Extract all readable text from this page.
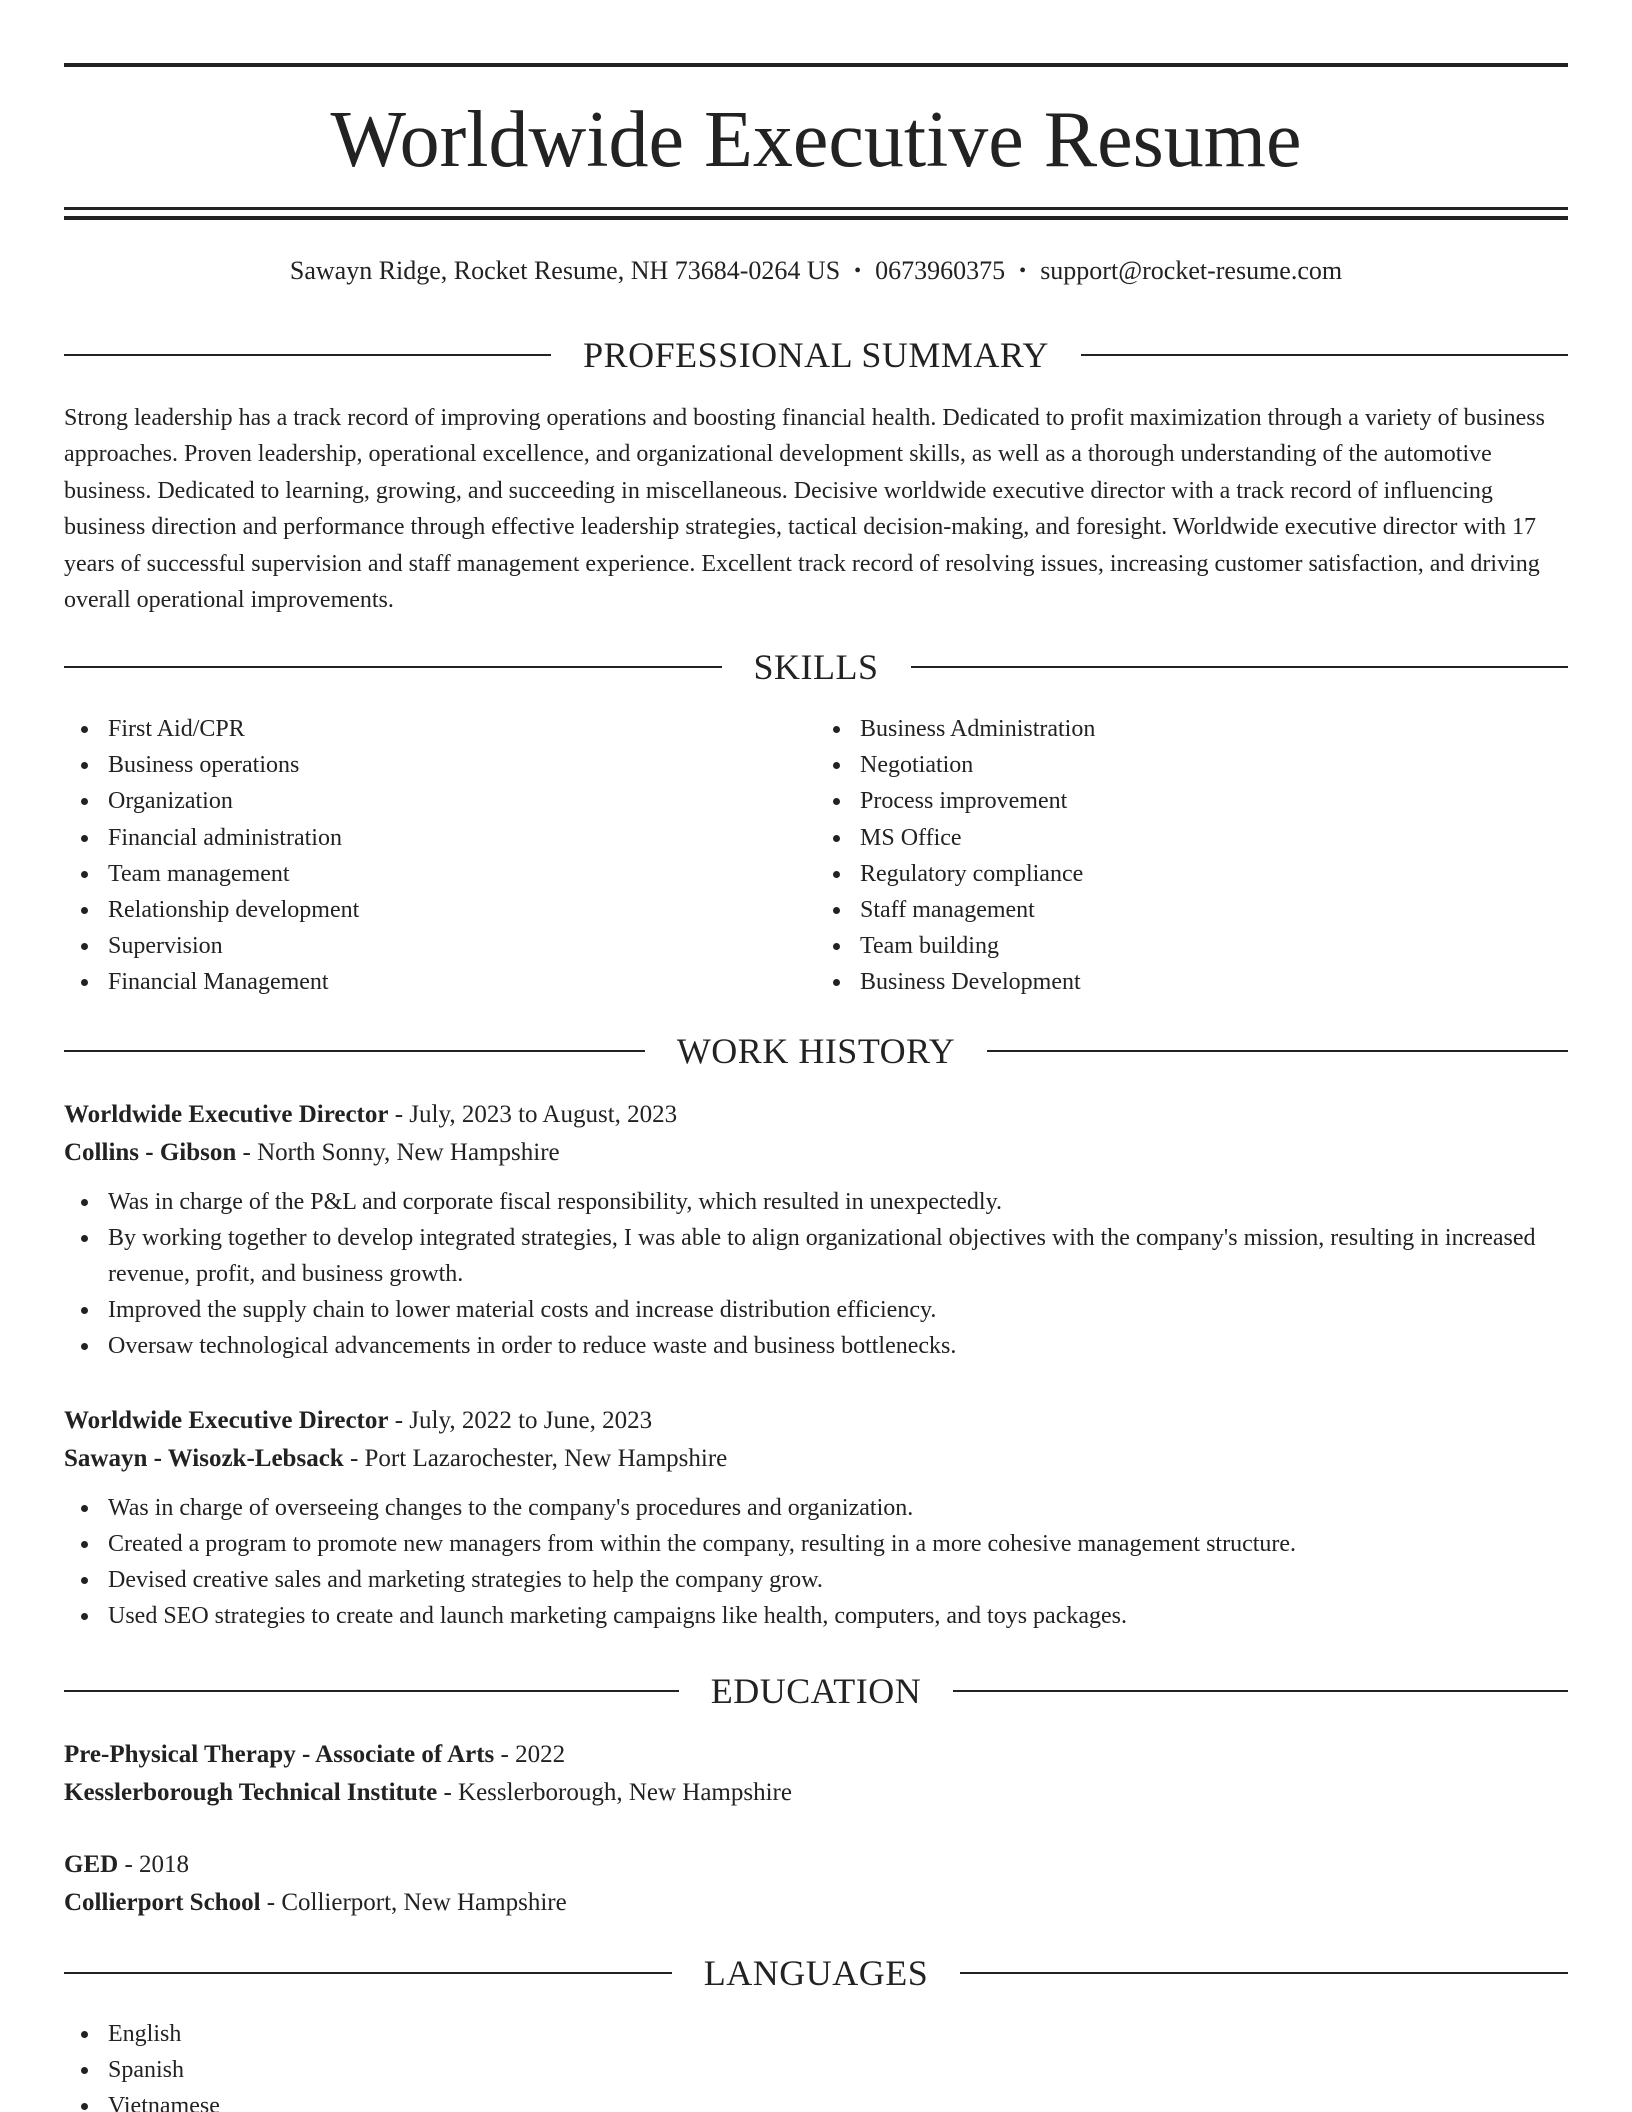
Worldwide Executive Resume
Sawayn Ridge, Rocket Resume, NH 73684-0264 US • 0673960375 • support@rocket-resume.com
PROFESSIONAL SUMMARY

Strong leadership has a track record of improving operations and boosting financial health. Dedicated to profit maximization through a variety of business approaches. Proven leadership, operational excellence, and organizational development skills, as well as a thorough understanding of the automotive business. Dedicated to learning, growing, and succeeding in miscellaneous. Decisive worldwide executive director with a track record of influencing business direction and performance through effective leadership strategies, tactical decision-making, and foresight. Worldwide executive director with 17 years of successful supervision and staff management experience. Excellent track record of resolving issues, increasing customer satisfaction, and driving overall operational improvements.

SKILLS
First Aid/CPR
Business operations
Organization
Financial administration
Team management
Relationship development
Supervision
Financial Management
Business Administration
Negotiation
Process improvement
MS Office
Regulatory compliance
Staff management
Team building
Business Development
WORK HISTORY
Worldwide Executive Director - July, 2023 to August, 2023
Collins - Gibson - North Sonny, New Hampshire
Was in charge of the P&L and corporate fiscal responsibility, which resulted in unexpectedly.
By working together to develop integrated strategies, I was able to align organizational objectives with the company's mission, resulting in increased revenue, profit, and business growth.
Improved the supply chain to lower material costs and increase distribution efficiency.
Oversaw technological advancements in order to reduce waste and business bottlenecks.
Worldwide Executive Director - July, 2022 to June, 2023
Sawayn - Wisozk-Lebsack - Port Lazarochester, New Hampshire
Was in charge of overseeing changes to the company's procedures and organization.
Created a program to promote new managers from within the company, resulting in a more cohesive management structure.
Devised creative sales and marketing strategies to help the company grow.
Used SEO strategies to create and launch marketing campaigns like health, computers, and toys packages.
EDUCATION
Pre-Physical Therapy - Associate of Arts - 2022
Kesslerborough Technical Institute - Kesslerborough, New Hampshire
GED - 2018
Collierport School - Collierport, New Hampshire
LANGUAGES
English
Spanish
Vietnamese
